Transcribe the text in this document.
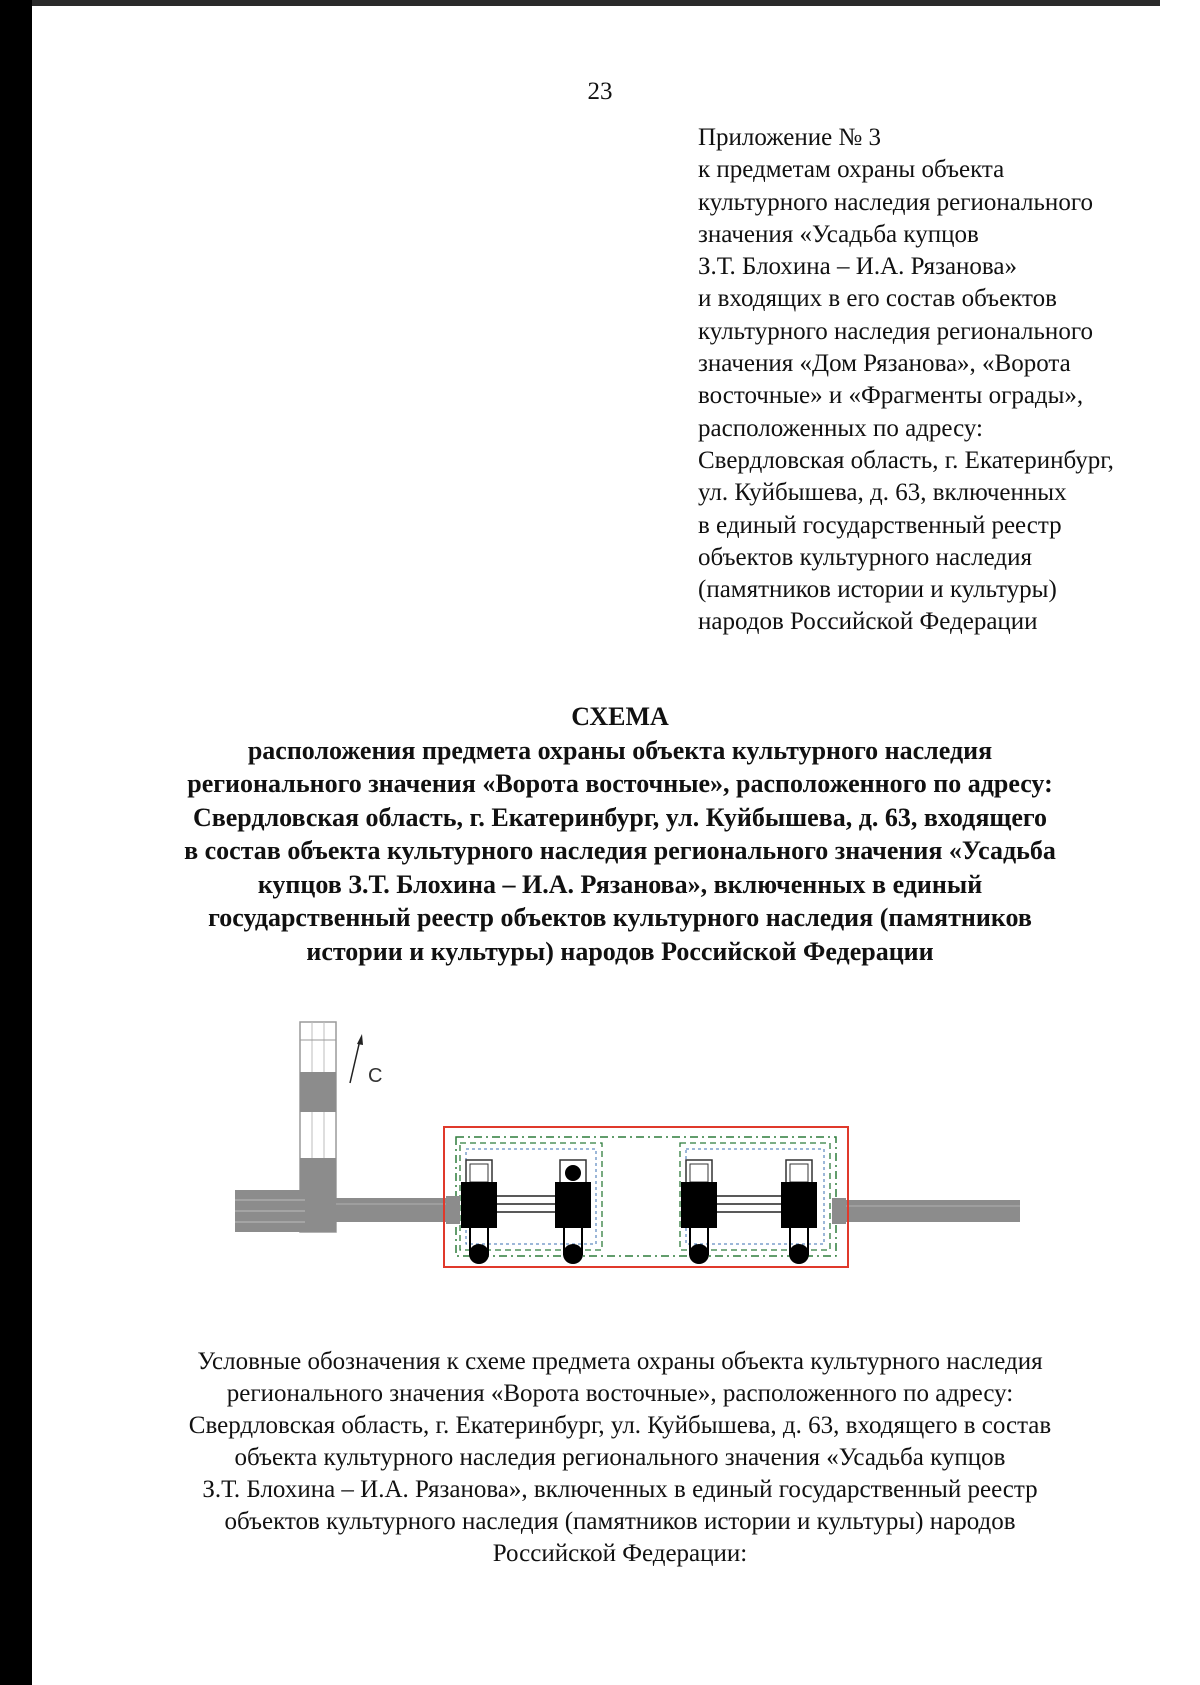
23
Приложение № 3
к предметам охраны объекта
культурного наследия регионального
значения «Усадьба купцов
З.Т. Блохина – И.А. Рязанова»
и входящих в его состав объектов
культурного наследия регионального
значения «Дом Рязанова», «Ворота
восточные» и «Фрагменты ограды»,
расположенных по адресу:
Свердловская область, г. Екатеринбург,
ул. Куйбышева, д. 63, включенных
в единый государственный реестр
объектов культурного наследия
(памятников истории и культуры)
народов Российской Федерации
СХЕМА
расположения предмета охраны объекта культурного наследия
регионального значения «Ворота восточные», расположенного по адресу:
Свердловская область, г. Екатеринбург, ул. Куйбышева, д. 63, входящего
в состав объекта культурного наследия регионального значения «Усадьба
купцов З.Т. Блохина – И.А. Рязанова», включенных в единый
государственный реестр объектов культурного наследия (памятников
истории и культуры) народов Российской Федерации
С
Условные обозначения к схеме предмета охраны объекта культурного наследия
регионального значения «Ворота восточные», расположенного по адресу:
Свердловская область, г. Екатеринбург, ул. Куйбышева, д. 63, входящего в состав
объекта культурного наследия регионального значения «Усадьба купцов
З.Т. Блохина – И.А. Рязанова», включенных в единый государственный реестр
объектов культурного наследия (памятников истории и культуры) народов
Российской Федерации:
